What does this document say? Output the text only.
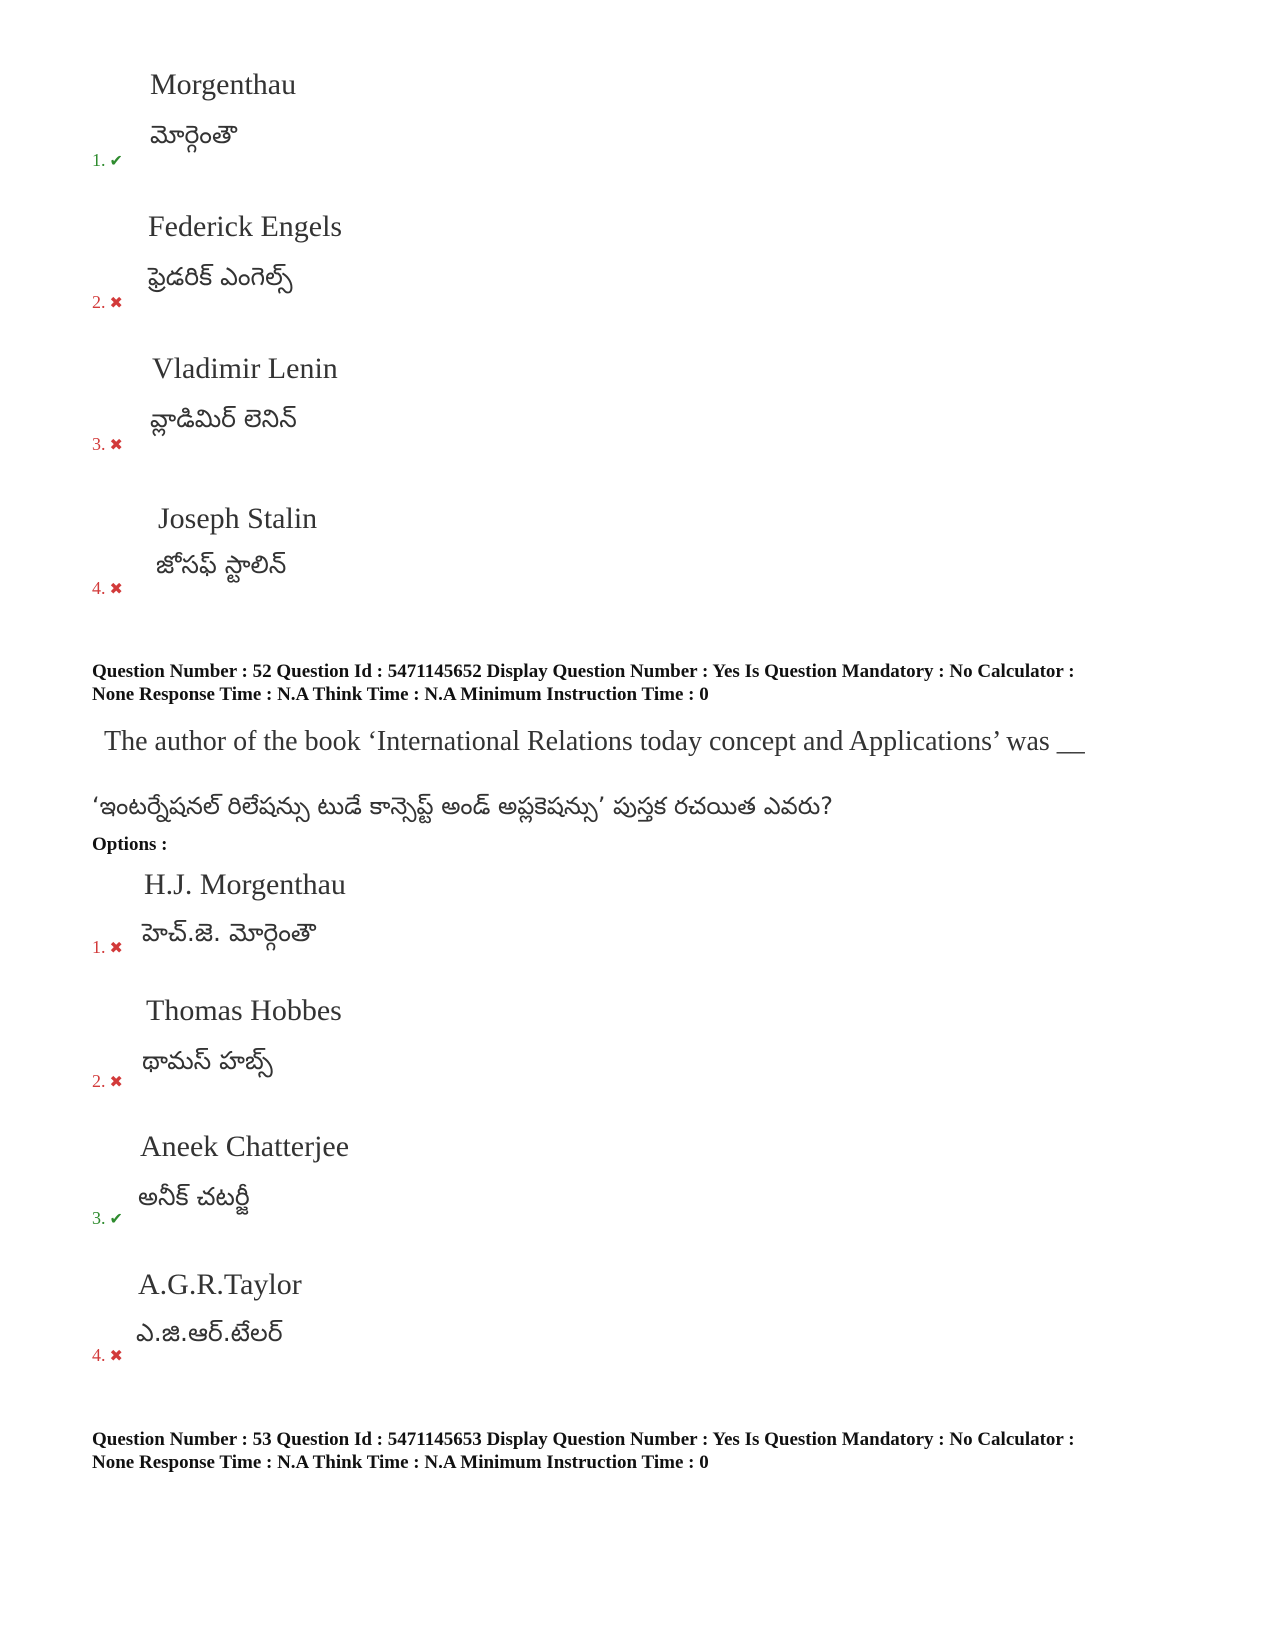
Morgenthau
మోర్గెంతౌ
1. ✔
Federick Engels
ఫ్రెడరిక్ ఎంగెల్స్
2. ✖
Vladimir Lenin
వ్లాడిమిర్ లెనిన్
3. ✖
Joseph Stalin
జోసఫ్ స్టాలిన్
4. ✖
Question Number : 52 Question Id : 5471145652 Display Question Number : Yes Is Question Mandatory : No Calculator :
None Response Time : N.A Think Time : N.A Minimum Instruction Time : 0
The author of the book ‘International Relations today concept and Applications’ was __
‘ఇంటర్నేషనల్ రిలేషన్సు టుడే కాన్సెప్ట్ అండ్ అప్లకెషన్సు’ పుస్తక రచయిత ఎవరు?
Options :
H.J. Morgenthau
హెచ్.జె. మోర్గెంతౌ
1. ✖
Thomas Hobbes
థామస్ హబ్స్
2. ✖
Aneek Chatterjee
అనీక్ చటర్జీ
3. ✔
A.G.R.Taylor
ఎ.జి.ఆర్.టేలర్
4. ✖
Question Number : 53 Question Id : 5471145653 Display Question Number : Yes Is Question Mandatory : No Calculator :
None Response Time : N.A Think Time : N.A Minimum Instruction Time : 0
